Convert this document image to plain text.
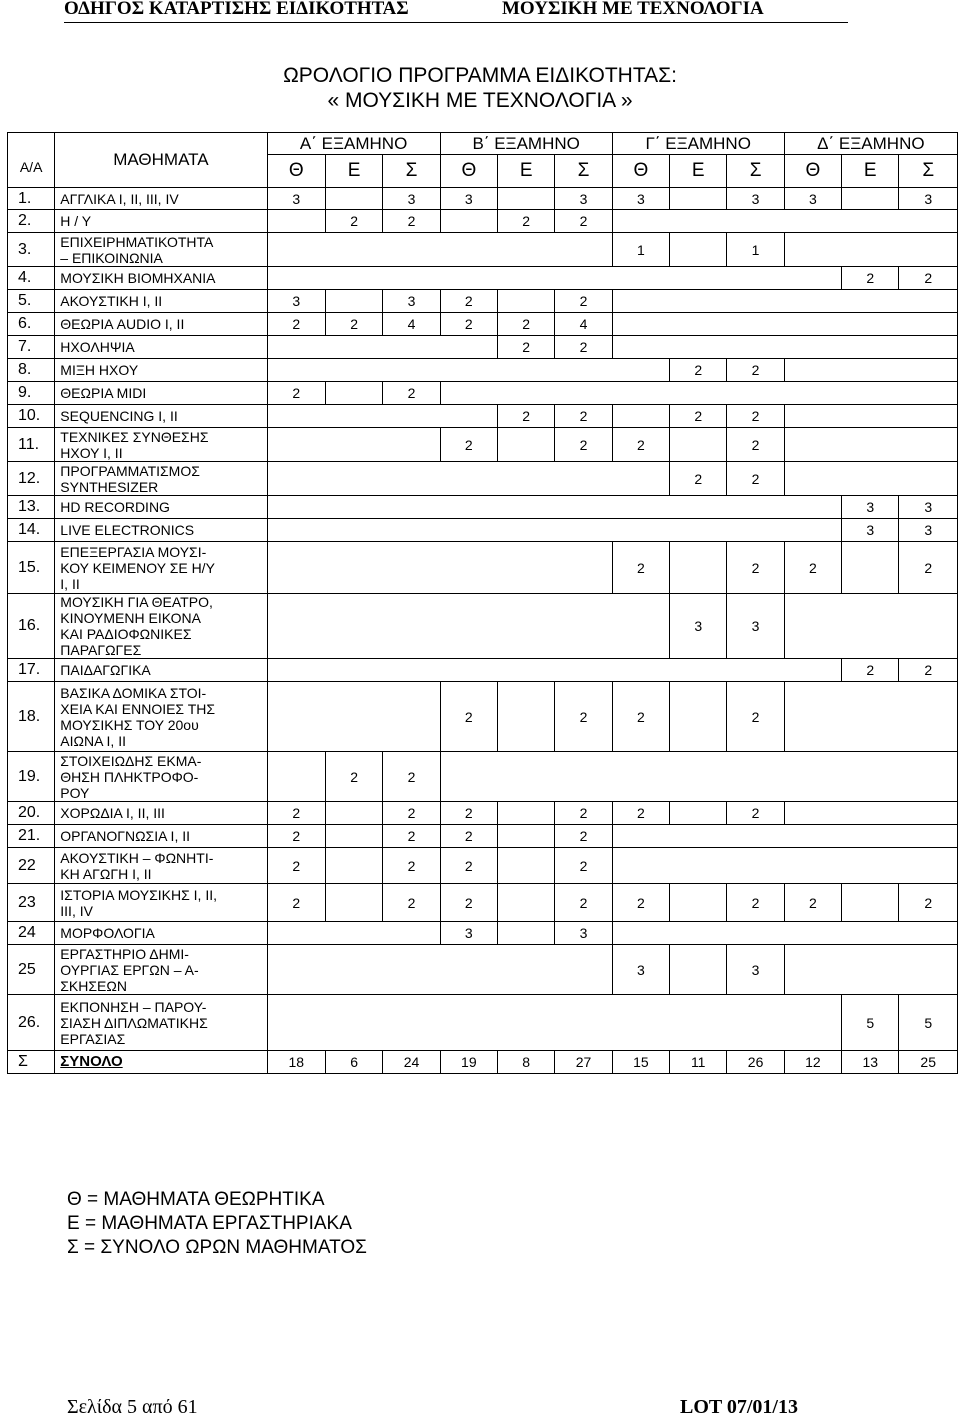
ΟΔΗΓΟΣ ΚΑΤΑΡΤΙΣΗΣ ΕΙΔΙΚΟΤΗΤΑΣ	ΜΟΥΣΙΚΗ ΜΕ ΤΕΧΝΟΛΟΓΙΑ
ΩΡΟΛΟΓΙΟ ΠΡΟΓΡΑΜΜΑ ΕΙΔΙΚΟΤΗΤΑΣ:
« ΜΟΥΣΙΚΗ ΜΕ ΤΕΧΝΟΛΟΓΙΑ »
Α/Α	ΜΑΘΗΜΑΤΑ	Α΄ ΕΞΑΜΗΝΟ			Β΄ ΕΞΑΜΗΝΟ			Γ΄ ΕΞΑΜΗΝΟ			Δ΄ ΕΞΑΜΗΝΟ		
		Θ	Ε	Σ	Θ	Ε	Σ	Θ	Ε	Σ	Θ	Ε	Σ
1.	ΑΓΓΛΙΚΑ Ι, ΙΙ, ΙΙΙ, ΙV	3		3	3		3	3		3	3		3
2.	Η / Υ		2	2		2	2						
3.	ΕΠΙΧΕΙΡΗΜΑΤΙΚΟΤΗΤΑ
– ΕΠΙΚΟΙΝΩΝΙΑ							1		1			
4.	ΜΟΥΣΙΚΗ ΒΙΟΜΗΧΑΝΙΑ											2	2
5.	ΑΚΟΥΣΤΙΚΗ Ι, ΙΙ	3		3	2		2						
6.	ΘΕΩΡΙΑ AUDIO I, II	2	2	4	2	2	4						
7.	ΗΧΟΛΗΨΙΑ					2	2						
8.	ΜΙΞΗ ΗΧΟΥ								2	2			
9.	ΘΕΩΡΙΑ MIDI	2		2									
10.	SEQUENCING I, II					2	2		2	2			
11.	ΤΕΧΝΙΚΕΣ ΣΥΝΘΕΣΗΣ
ΗΧΟΥ Ι, ΙΙ				2		2	2		2			
12.	ΠΡΟΓΡΑΜΜΑΤΙΣΜΟΣ
SYNTHESIZER								2	2			
13.	HD RECORDING											3	3
14.	LIVE ELECTRONICS											3	3
15.	ΕΠΕΞΕΡΓΑΣΙΑ ΜΟΥΣΙ-
ΚΟΥ ΚΕΙΜΕΝΟΥ ΣΕ Η/Υ
Ι, ΙΙ							2		2	2		2
16.	ΜΟΥΣΙΚΗ ΓΙΑ ΘΕΑΤΡΟ,
ΚΙΝΟΥΜΕΝΗ ΕΙΚΟΝΑ
ΚΑΙ ΡΑΔΙΟΦΩΝΙΚΕΣ
ΠΑΡΑΓΩΓΕΣ								3	3			
17.	ΠΑΙΔΑΓΩΓΙΚΑ											2	2
18.	ΒΑΣΙΚΑ ΔΟΜΙΚΑ ΣΤΟΙ-
ΧΕΙΑ ΚΑΙ ΕΝΝΟΙΕΣ ΤΗΣ
ΜΟΥΣΙΚΗΣ ΤΟΥ 20ου
ΑΙΩΝΑ Ι, ΙΙ				2		2	2		2			
19.	ΣΤΟΙΧΕΙΩΔΗΣ ΕΚΜΑ-
ΘΗΣΗ ΠΛΗΚΤΡΟΦΟ-
ΡΟΥ		2	2									
20.	ΧΟΡΩΔΙΑ Ι, ΙΙ, ΙΙΙ	2		2	2		2	2		2			
21.	ΟΡΓΑΝΟΓΝΩΣΙΑ Ι, ΙΙ	2		2	2		2						
22	ΑΚΟΥΣΤΙΚΗ – ΦΩΝΗΤΙ-
ΚΗ ΑΓΩΓΗ Ι, ΙΙ	2		2	2		2						
23	ΙΣΤΟΡΙΑ ΜΟΥΣΙΚΗΣ Ι, ΙΙ,
ΙΙΙ, ΙV	2		2	2		2	2		2	2		2
24	ΜΟΡΦΟΛΟΓΙΑ				3		3						
25	ΕΡΓΑΣΤΗΡΙΟ ΔΗΜΙ-
ΟΥΡΓΙΑΣ ΕΡΓΩΝ – Α-
ΣΚΗΣΕΩΝ							3		3			
26.	ΕΚΠΟΝΗΣΗ – ΠΑΡΟΥ-
ΣΙΑΣΗ ΔΙΠΛΩΜΑΤΙΚΗΣ
ΕΡΓΑΣΙΑΣ											5	5
Σ	ΣΥΝΟΛΟ	18	6	24	19	8	27	15	11	26	12	13	25
Θ = ΜΑΘΗΜΑΤΑ ΘΕΩΡΗΤΙΚΑ
Ε = ΜΑΘΗΜΑΤΑ ΕΡΓΑΣΤΗΡΙΑΚΑ
Σ = ΣΥΝΟΛΟ ΩΡΩΝ ΜΑΘΗΜΑΤΟΣ
Σελίδα 5 από 61	LOT 07/01/13
